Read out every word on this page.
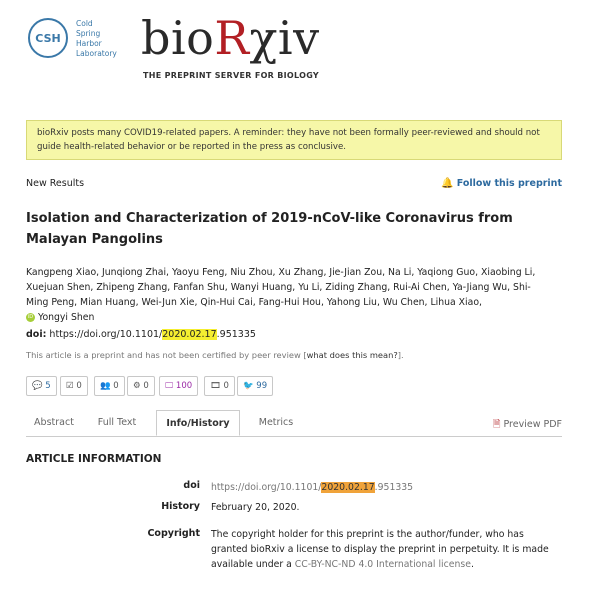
CSH
Cold
Spring
Harbor
Laboratory bioRχiv
THE PREPRINT SERVER FOR BIOLOGY
bioRxiv posts many COVID19-related papers. A reminder: they have not been formally peer-reviewed and should not guide health-related behavior or be reported in the press as conclusive.
New Results	🔔 Follow this preprint
Isolation and Characterization of 2019-nCoV-like Coronavirus from Malayan Pangolins
Kangpeng Xiao, Junqiong Zhai, Yaoyu Feng, Niu Zhou, Xu Zhang, Jie-Jian Zou, Na Li, Yaqiong Guo, Xiaobing Li, Xuejuan Shen, Zhipeng Zhang, Fanfan Shu, Wanyi Huang, Yu Li, Ziding Zhang, Rui-Ai Chen, Ya-Jiang Wu, Shi-Ming Peng, Mian Huang, Wei-Jun Xie, Qin-Hui Cai, Fang-Hui Hou, Yahong Liu, Wu Chen, Lihua Xiao,
iD Yongyi Shen
doi: https://doi.org/10.1101/2020.02.17.951335
This article is a preprint and has not been certified by peer review [what does this mean?].
💬 5	☑ 0	👥 0	⚙ 0	🖵 100	🎞 0	🐦 99
Abstract	Full Text	Info/History	Metrics	🗎 Preview PDF
ARTICLE INFORMATION
doi https://doi.org/10.1101/2020.02.17.951335
History February 20, 2020.
Copyright The copyright holder for this preprint is the author/funder, who has granted bioRxiv a license to display the preprint in perpetuity. It is made available under a CC-BY-NC-ND 4.0 International license.
